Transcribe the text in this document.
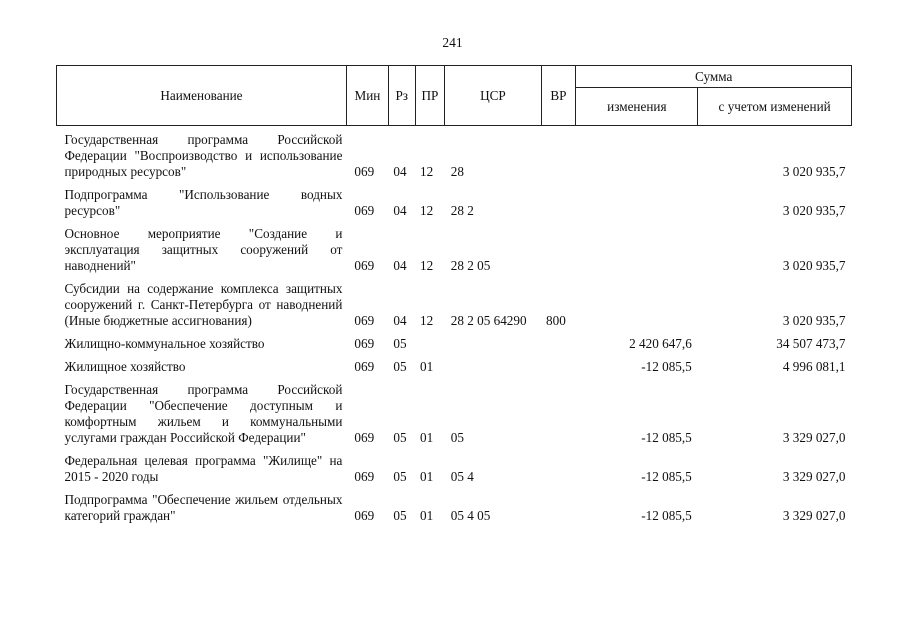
241
Наименование	Мин	Рз	ПР	ЦСР	ВР	Сумма	
						изменения	с учетом изменений
Государственная программа Российской Федерации "Воспроизводство и использование природных ресурсов"	069	04	12	28			3 020 935,7
Подпрограмма "Использование водных ресурсов"	069	04	12	28 2			3 020 935,7
Основное мероприятие "Создание и эксплуатация защитных сооружений от наводнений"	069	04	12	28 2 05			3 020 935,7
Субсидии на содержание комплекса защитных сооружений г. Санкт-Петербурга от наводнений (Иные бюджетные ассигнования)	069	04	12	28 2 05 64290	800		3 020 935,7
Жилищно-коммунальное хозяйство	069	05				2 420 647,6	34 507 473,7
Жилищное хозяйство	069	05	01			-12 085,5	4 996 081,1
Государственная программа Российской Федерации "Обеспечение доступным и комфортным жильем и коммунальными услугами граждан Российской Федерации"	069	05	01	05		-12 085,5	3 329 027,0
Федеральная целевая программа "Жилище" на 2015 - 2020 годы	069	05	01	05 4		-12 085,5	3 329 027,0
Подпрограмма "Обеспечение жильем отдельных категорий граждан"	069	05	01	05 4 05		-12 085,5	3 329 027,0
